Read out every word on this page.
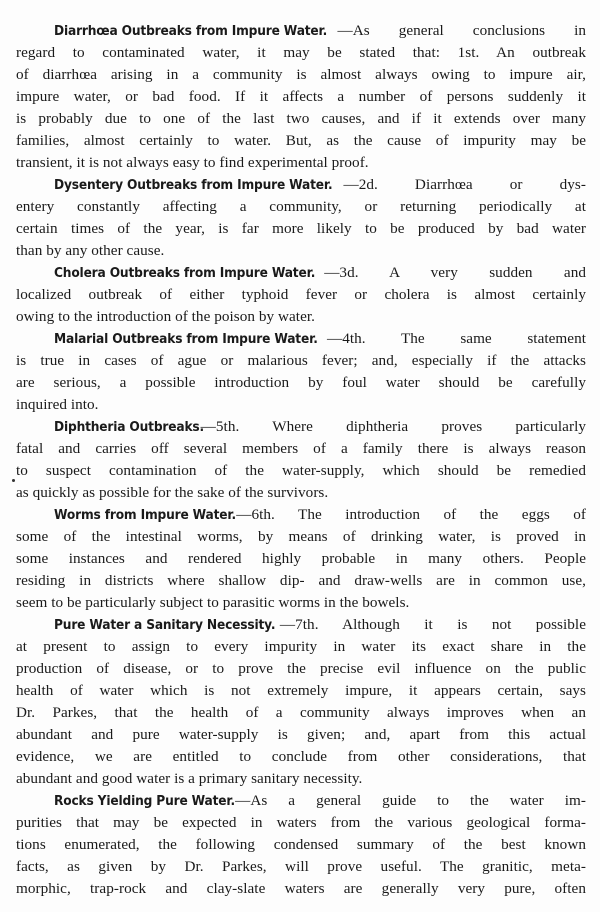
Diarrhœa Outbreaks from Impure Water. —As general conclusions in
regard to contaminated water, it may be stated that: 1st. An outbreak
of diarrhœa arising in a community is almost always owing to impure air,
impure water, or bad food. If it affects a number of persons suddenly it
is probably due to one of the last two causes, and if it extends over many
families, almost certainly to water. But, as the cause of impurity may be
transient, it is not always easy to find experimental proof.
Dysentery Outbreaks from Impure Water. —2d. Diarrhœa or dys-
entery constantly affecting a community, or returning periodically at
certain times of the year, is far more likely to be produced by bad water
than by any other cause.
Cholera Outbreaks from Impure Water. —3d. A very sudden and
localized outbreak of either typhoid fever or cholera is almost certainly
owing to the introduction of the poison by water.
Malarial Outbreaks from Impure Water. —4th. The same statement
is true in cases of ague or malarious fever; and, especially if the attacks
are serious, a possible introduction by foul water should be carefully
inquired into.
Diphtheria Outbreaks.—5th. Where diphtheria proves particularly
fatal and carries off several members of a family there is always reason
to suspect contamination of the water-supply, which should be remedied
as quickly as possible for the sake of the survivors.
Worms from Impure Water.—6th. The introduction of the eggs of
some of the intestinal worms, by means of drinking water, is proved in
some instances and rendered highly probable in many others. People
residing in districts where shallow dip- and draw-wells are in common use,
seem to be particularly subject to parasitic worms in the bowels.
Pure Water a Sanitary Necessity. —7th. Although it is not possible
at present to assign to every impurity in water its exact share in the
production of disease, or to prove the precise evil influence on the public
health of water which is not extremely impure, it appears certain, says
Dr. Parkes, that the health of a community always improves when an
abundant and pure water-supply is given; and, apart from this actual
evidence, we are entitled to conclude from other considerations, that
abundant and good water is a primary sanitary necessity.
Rocks Yielding Pure Water.—As a general guide to the water im-
purities that may be expected in waters from the various geological forma-
tions enumerated, the following condensed summary of the best known
facts, as given by Dr. Parkes, will prove useful. The granitic, meta-
morphic, trap-rock and clay-slate waters are generally very pure, often
